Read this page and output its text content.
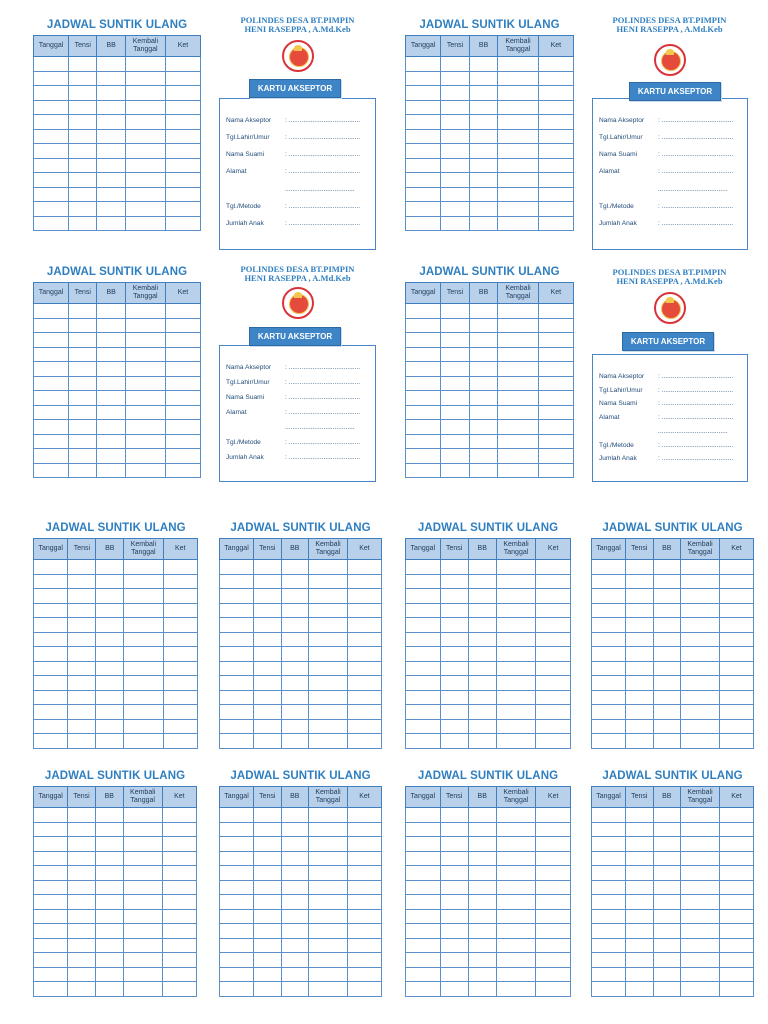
JADWAL SUNTIK ULANG
Tanggal	Tensi	BB	Kembali Tanggal	Ket

JADWAL SUNTIK ULANG
Tanggal	Tensi	BB	Kembali Tanggal	Ket

JADWAL SUNTIK ULANG
Tanggal	Tensi	BB	Kembali Tanggal	Ket

JADWAL SUNTIK ULANG
Tanggal	Tensi	BB	Kembali Tanggal	Ket

JADWAL SUNTIK ULANG
Tanggal	Tensi	BB	Kembali Tanggal	Ket

JADWAL SUNTIK ULANG
Tanggal	Tensi	BB	Kembali Tanggal	Ket

JADWAL SUNTIK ULANG
Tanggal	Tensi	BB	Kembali Tanggal	Ket

JADWAL SUNTIK ULANG
Tanggal	Tensi	BB	Kembali Tanggal	Ket

JADWAL SUNTIK ULANG
Tanggal	Tensi	BB	Kembali Tanggal	Ket

JADWAL SUNTIK ULANG
Tanggal	Tensi	BB	Kembali Tanggal	Ket

JADWAL SUNTIK ULANG
Tanggal	Tensi	BB	Kembali Tanggal	Ket

JADWAL SUNTIK ULANG
Tanggal	Tensi	BB	Kembali Tanggal	Ket

POLINDES DESA BT.PIMPIN
HENI RASEPPA , A.Md.Keb
Nama Akseptor : .......................................
Tgl.Lahir/Umur : .......................................
Nama Suami	: .......................................
Alamat	: .......................................
......................................
Tgl./Metode	: .......................................
Jumlah Anak	: .......................................
KARTU AKSEPTOR
POLINDES DESA BT.PIMPIN
HENI RASEPPA , A.Md.Keb
Nama Akseptor : .......................................
Tgl.Lahir/Umur : .......................................
Nama Suami	: .......................................
Alamat	: .......................................
......................................
Tgl./Metode	: .......................................
Jumlah Anak	: .......................................
KARTU AKSEPTOR
POLINDES DESA BT.PIMPIN
HENI RASEPPA , A.Md.Keb
Nama Akseptor : .......................................
Tgl.Lahir/Umur : .......................................
Nama Suami	: .......................................
Alamat	: .......................................
......................................
Tgl./Metode	: .......................................
Jumlah Anak	: .......................................
KARTU AKSEPTOR
POLINDES DESA BT.PIMPIN
HENI RASEPPA , A.Md.Keb
Nama Akseptor : .......................................
Tgl.Lahir/Umur : .......................................
Nama Suami	: .......................................
Alamat	: .......................................
......................................
Tgl./Metode	: .......................................
Jumlah Anak	: .......................................
KARTU AKSEPTOR
